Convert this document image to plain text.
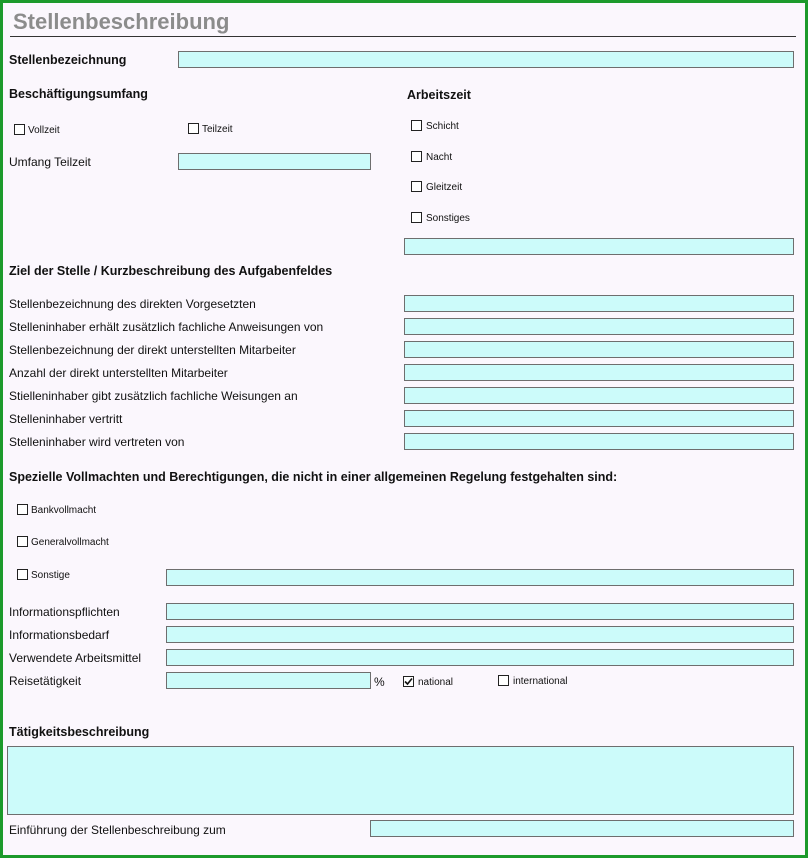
Stellenbeschreibung
Stellenbezeichnung
Beschäftigungsumfang
Vollzeit	Teilzeit
Umfang Teilzeit
Arbeitszeit
Schicht
Nacht
Gleitzeit
Sonstiges
Ziel der Stelle / Kurzbeschreibung des Aufgabenfeldes
Stellenbezeichnung des direkten Vorgesetzten
Stelleninhaber erhält zusätzlich fachliche Anweisungen von
Stellenbezeichnung der direkt unterstellten Mitarbeiter
Anzahl der direkt unterstellten Mitarbeiter
Stielleninhaber gibt zusätzlich fachliche Weisungen an
Stelleninhaber vertritt
Stelleninhaber wird vertreten von
Spezielle Vollmachten und Berechtigungen, die nicht in einer allgemeinen Regelung festgehalten sind:
Bankvollmacht
Generalvollmacht
Sonstige
Informationspflichten
Informationsbedarf
Verwendete Arbeitsmittel
Reisetätigkeit	%	national	international
Tätigkeitsbeschreibung
Einführung der Stellenbeschreibung zum
